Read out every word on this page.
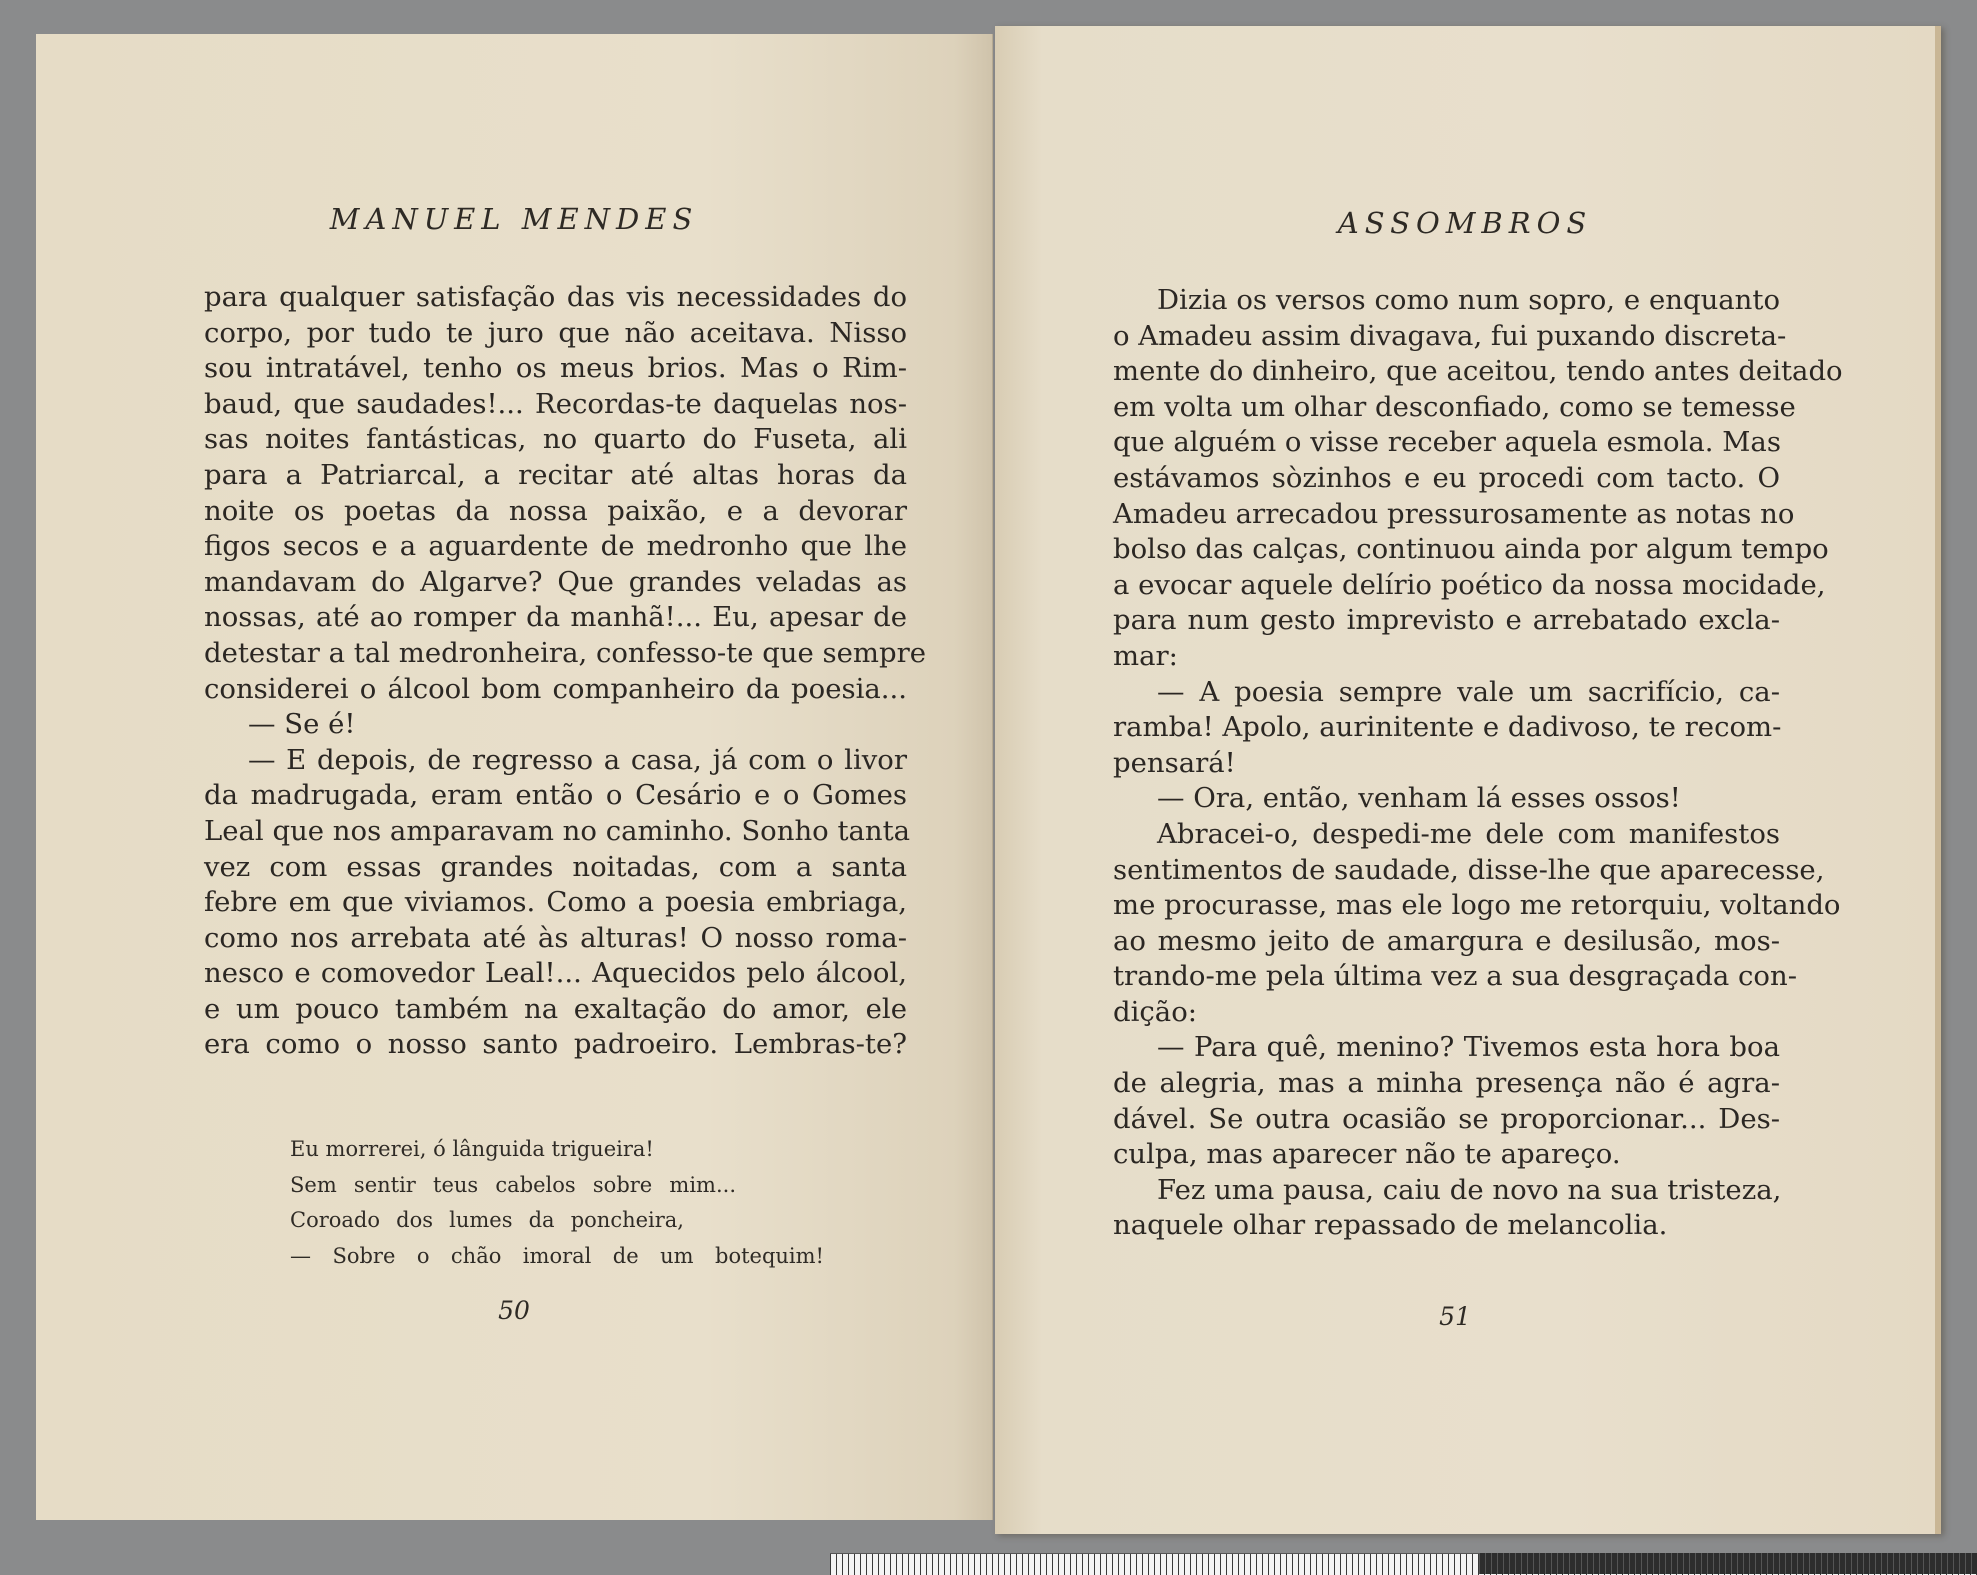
MANUEL MENDES
para qualquer satisfação das vis necessidades do
corpo, por tudo te juro que não aceitava. Nisso
sou intratável, tenho os meus brios. Mas o Rim-
baud, que saudades!... Recordas-te daquelas nos-
sas noites fantásticas, no quarto do Fuseta, ali
para a Patriarcal, a recitar até altas horas da
noite os poetas da nossa paixão, e a devorar
figos secos e a aguardente de medronho que lhe
mandavam do Algarve? Que grandes veladas as
nossas, até ao romper da manhã!... Eu, apesar de
detestar a tal medronheira, confesso-te que sempre
considerei o álcool bom companheiro da poesia...
— Se é!
— E depois, de regresso a casa, já com o livor
da madrugada, eram então o Cesário e o Gomes
Leal que nos amparavam no caminho. Sonho tanta
vez com essas grandes noitadas, com a santa
febre em que viviamos. Como a poesia embriaga,
como nos arrebata até às alturas! O nosso roma-
nesco e comovedor Leal!... Aquecidos pelo álcool,
e um pouco também na exaltação do amor, ele
era como o nosso santo padroeiro. Lembras-te?
Eu morrerei, ó lânguida trigueira!
Sem sentir teus cabelos sobre mim...
Coroado dos lumes da poncheira,
— Sobre o chão imoral de um botequim!
50
ASSOMBROS
Dizia os versos como num sopro, e enquanto
o Amadeu assim divagava, fui puxando discreta-
mente do dinheiro, que aceitou, tendo antes deitado
em volta um olhar desconfiado, como se temesse
que alguém o visse receber aquela esmola. Mas
estávamos sòzinhos e eu procedi com tacto. O
Amadeu arrecadou pressurosamente as notas no
bolso das calças, continuou ainda por algum tempo
a evocar aquele delírio poético da nossa mocidade,
para num gesto imprevisto e arrebatado excla-
mar:
— A poesia sempre vale um sacrifício, ca-
ramba! Apolo, aurinitente e dadivoso, te recom-
pensará!
— Ora, então, venham lá esses ossos!
Abracei-o, despedi-me dele com manifestos
sentimentos de saudade, disse-lhe que aparecesse,
me procurasse, mas ele logo me retorquiu, voltando
ao mesmo jeito de amargura e desilusão, mos-
trando-me pela última vez a sua desgraçada con-
dição:
— Para quê, menino? Tivemos esta hora boa
de alegria, mas a minha presença não é agra-
dável. Se outra ocasião se proporcionar... Des-
culpa, mas aparecer não te apareço.
Fez uma pausa, caiu de novo na sua tristeza,
naquele olhar repassado de melancolia.
51
